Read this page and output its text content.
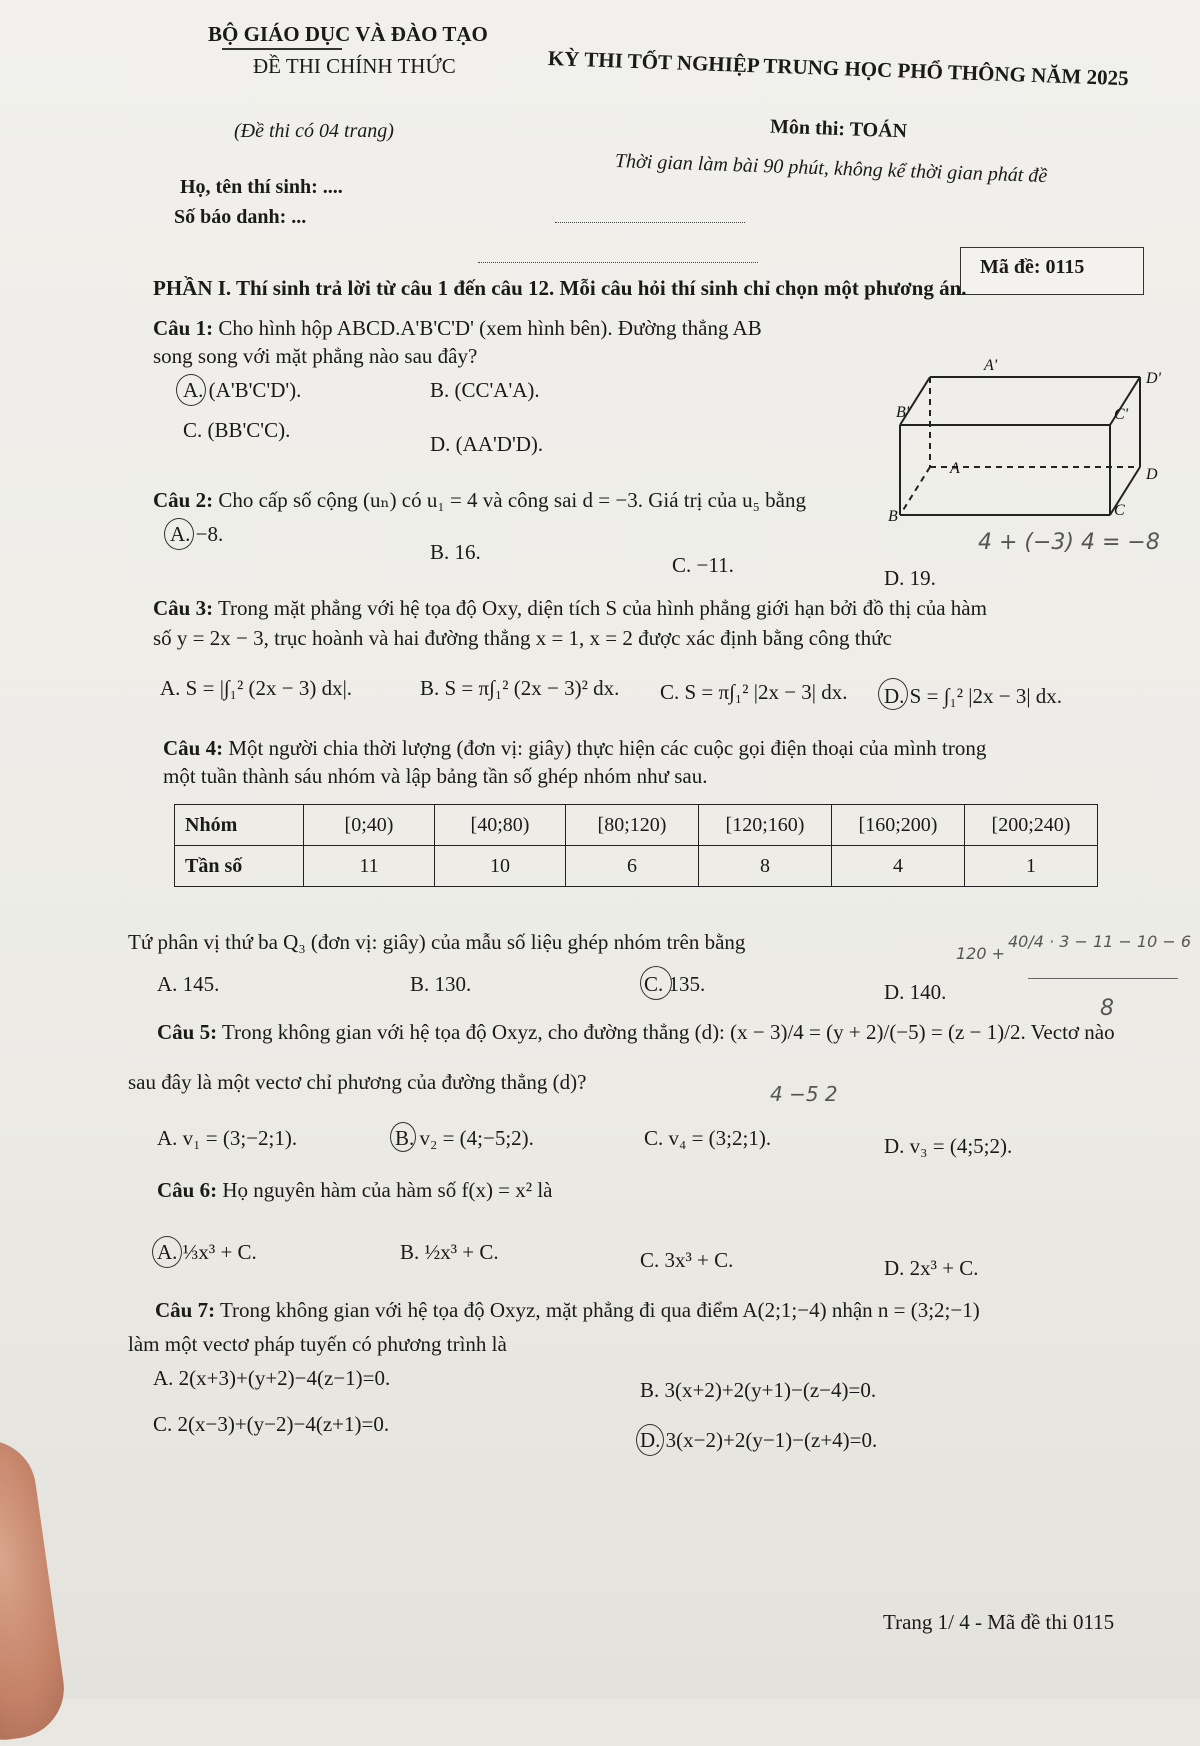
BỘ GIÁO DỤC VÀ ĐÀO TẠO
ĐỀ THI CHÍNH THỨC
(Đề thi có 04 trang)
KỲ THI TỐT NGHIỆP TRUNG HỌC PHỔ THÔNG NĂM 2025
Môn thi: TOÁN
Thời gian làm bài 90 phút, không kể thời gian phát đề
Họ, tên thí sinh: ....
Số báo danh: ...
Mã đề: 0115
PHẦN I. Thí sinh trả lời từ câu 1 đến câu 12. Mỗi câu hỏi thí sinh chỉ chọn một phương án.
Câu 1: Cho hình hộp ABCD.A'B'C'D' (xem hình bên). Đường thẳng AB
song song với mặt phẳng nào sau đây?
A. (A'B'C'D').	B. (CC'A'A).
C. (BB'C'C).
D. (AA'D'D).
A'
D'
B'	C'
A	D
B	C
Câu 2: Cho cấp số cộng (uₙ) có u₁ = 4 và công sai d = −3. Giá trị của u₅ bằng
A. −8.
B. 16.
C. −11.
D. 19.
4 + (−3) 4 = −8
Câu 3: Trong mặt phẳng với hệ tọa độ Oxy, diện tích S của hình phẳng giới hạn bởi đồ thị của hàm
số y = 2x − 3, trục hoành và hai đường thẳng x = 1, x = 2 được xác định bằng công thức
A. S = |∫₁² (2x − 3) dx|.	B. S = π∫₁² (2x − 3)² dx. C. S = π∫₁² |2x − 3| dx. D. S = ∫₁² |2x − 3| dx.
Câu 4: Một người chia thời lượng (đơn vị: giây) thực hiện các cuộc gọi điện thoại của mình trong
một tuần thành sáu nhóm và lập bảng tần số ghép nhóm như sau.
Nhóm	[0;40)	[40;80)	[80;120)	[120;160)	[160;200)	[200;240)
Tần số	11	10	6	8	4	1
Tứ phân vị thứ ba Q₃ (đơn vị: giây) của mẫu số liệu ghép nhóm trên bằng
A. 145.	B. 130.	C. 135.	D. 140.
120 +
40/4 · 3 − 11 − 10 − 6
8
Câu 5: Trong không gian với hệ tọa độ Oxyz, cho đường thẳng (d): (x − 3)/4 = (y + 2)/(−5) = (z − 1)/2. Vectơ nào
sau đây là một vectơ chỉ phương của đường thẳng (d)?	4 −5 2
A. v₁ = (3;−2;1).	B. v₂ = (4;−5;2).	C. v₄ = (3;2;1).	D. v₃ = (4;5;2).
Câu 6: Họ nguyên hàm của hàm số f(x) = x² là
A. ⅓x³ + C.	B. ½x³ + C.	C. 3x³ + C.	D. 2x³ + C.
Câu 7: Trong không gian với hệ tọa độ Oxyz, mặt phẳng đi qua điểm A(2;1;−4) nhận n = (3;2;−1)
làm một vectơ pháp tuyến có phương trình là
A. 2(x+3)+(y+2)−4(z−1)=0.	B. 3(x+2)+2(y+1)−(z−4)=0.
C. 2(x−3)+(y−2)−4(z+1)=0.
D. 3(x−2)+2(y−1)−(z+4)=0.
Trang 1/ 4 - Mã đề thi 0115
